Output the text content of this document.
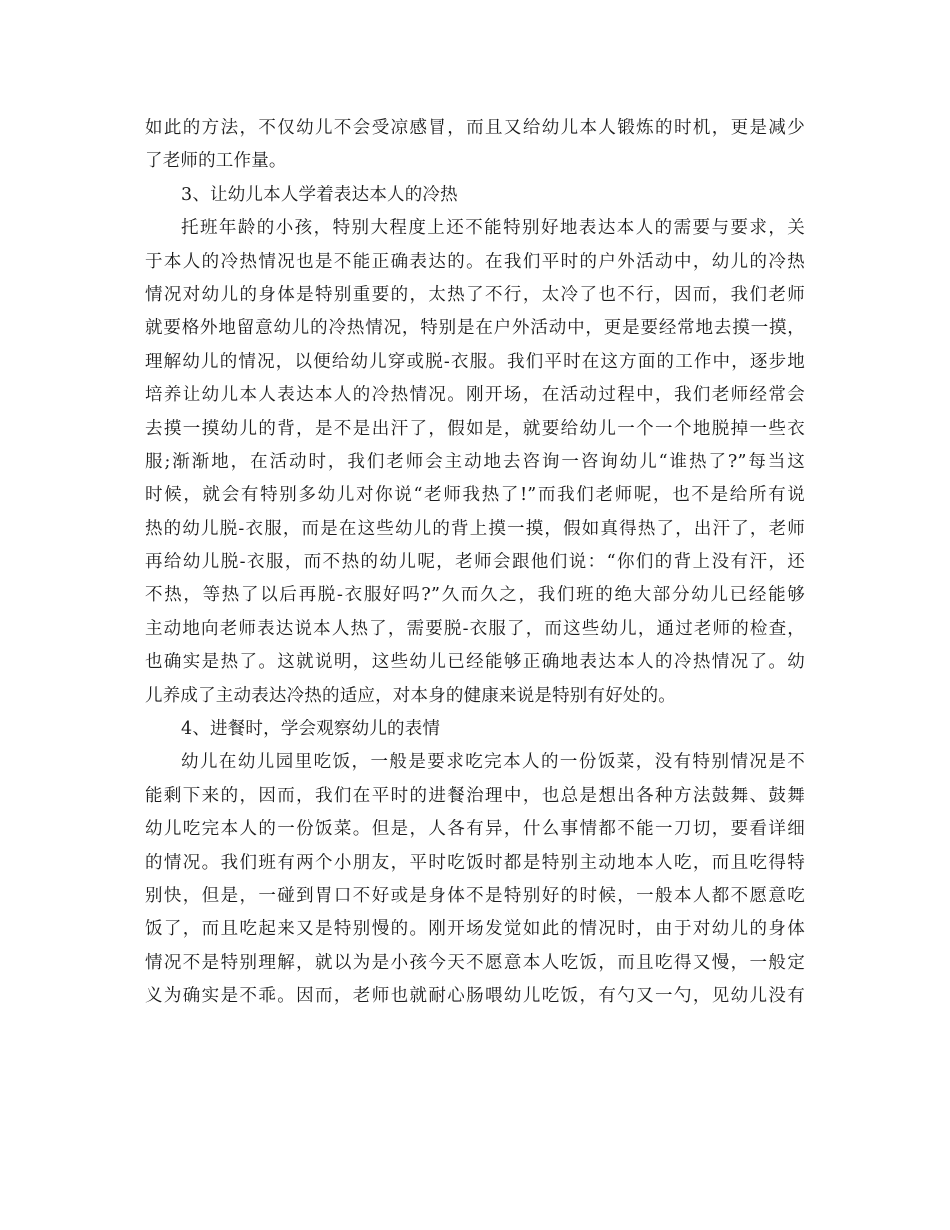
如此的方法，不仅幼儿不会受凉感冒，而且又给幼儿本人锻炼的时机，更是减少
了老师的工作量。
3、让幼儿本人学着表达本人的冷热
托班年龄的小孩，特别大程度上还不能特别好地表达本人的需要与要求，关
于本人的冷热情况也是不能正确表达的。在我们平时的户外活动中，幼儿的冷热
情况对幼儿的身体是特别重要的，太热了不行，太冷了也不行，因而，我们老师
就要格外地留意幼儿的冷热情况，特别是在户外活动中，更是要经常地去摸一摸，
理解幼儿的情况，以便给幼儿穿或脱-衣服。我们平时在这方面的工作中，逐步地
培养让幼儿本人表达本人的冷热情况。刚开场，在活动过程中，我们老师经常会
去摸一摸幼儿的背，是不是出汗了，假如是，就要给幼儿一个一个地脱掉一些衣
服;渐渐地，在活动时，我们老师会主动地去咨询一咨询幼儿“谁热了?”每当这
时候，就会有特别多幼儿对你说“老师我热了!”而我们老师呢，也不是给所有说
热的幼儿脱-衣服，而是在这些幼儿的背上摸一摸，假如真得热了，出汗了，老师
再给幼儿脱-衣服，而不热的幼儿呢，老师会跟他们说：“你们的背上没有汗，还
不热，等热了以后再脱-衣服好吗?”久而久之，我们班的绝大部分幼儿已经能够
主动地向老师表达说本人热了，需要脱-衣服了，而这些幼儿，通过老师的检查，
也确实是热了。这就说明，这些幼儿已经能够正确地表达本人的冷热情况了。幼
儿养成了主动表达冷热的适应，对本身的健康来说是特别有好处的。
4、进餐时，学会观察幼儿的表情
幼儿在幼儿园里吃饭，一般是要求吃完本人的一份饭菜，没有特别情况是不
能剩下来的，因而，我们在平时的进餐治理中，也总是想出各种方法鼓舞、鼓舞
幼儿吃完本人的一份饭菜。但是，人各有异，什么事情都不能一刀切，要看详细
的情况。我们班有两个小朋友，平时吃饭时都是特别主动地本人吃，而且吃得特
别快，但是，一碰到胃口不好或是身体不是特别好的时候，一般本人都不愿意吃
饭了，而且吃起来又是特别慢的。刚开场发觉如此的情况时，由于对幼儿的身体
情况不是特别理解，就以为是小孩今天不愿意本人吃饭，而且吃得又慢，一般定
义为确实是不乖。因而，老师也就耐心肠喂幼儿吃饭，有勺又一勺，见幼儿没有
